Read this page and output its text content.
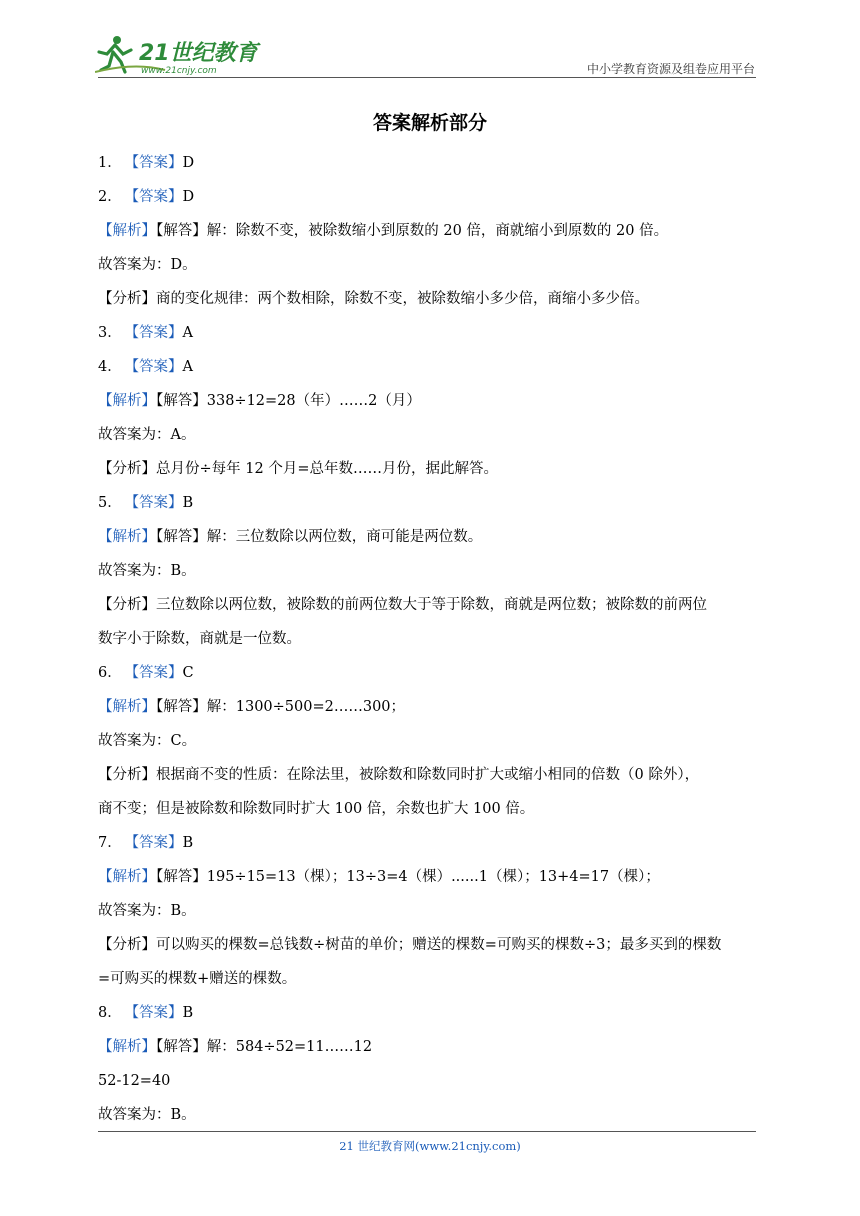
21世纪教育
www.21cnjy.com	中小学教育资源及组卷应用平台
答案解析部分
1． 【答案】D
2． 【答案】D
【解析】【解答】解：除数不变，被除数缩小到原数的 20 倍，商就缩小到原数的 20 倍。
故答案为：D。
【分析】商的变化规律：两个数相除，除数不变，被除数缩小多少倍，商缩小多少倍。
3． 【答案】A
4． 【答案】A
【解析】【解答】338÷12=28（年）……2（月）
故答案为：A。
【分析】总月份÷每年 12 个月=总年数……月份，据此解答。
5． 【答案】B
【解析】【解答】解：三位数除以两位数，商可能是两位数。
故答案为：B。
【分析】三位数除以两位数，被除数的前两位数大于等于除数，商就是两位数；被除数的前两位
数字小于除数，商就是一位数。
6． 【答案】C
【解析】【解答】解：1300÷500=2……300；
故答案为：C。
【分析】根据商不变的性质：在除法里，被除数和除数同时扩大或缩小相同的倍数（0 除外），
商不变；但是被除数和除数同时扩大 100 倍，余数也扩大 100 倍。
7． 【答案】B
【解析】【解答】195÷15=13（棵）；13÷3=4（棵）......1（棵）；13+4=17（棵）；
故答案为：B。
【分析】可以购买的棵数=总钱数÷树苗的单价；赠送的棵数=可购买的棵数÷3；最多买到的棵数
=可购买的棵数+赠送的棵数。
8． 【答案】B
【解析】【解答】解：584÷52=11……12
52-12=40
故答案为：B。
21 世纪教育网(www.21cnjy.com)
